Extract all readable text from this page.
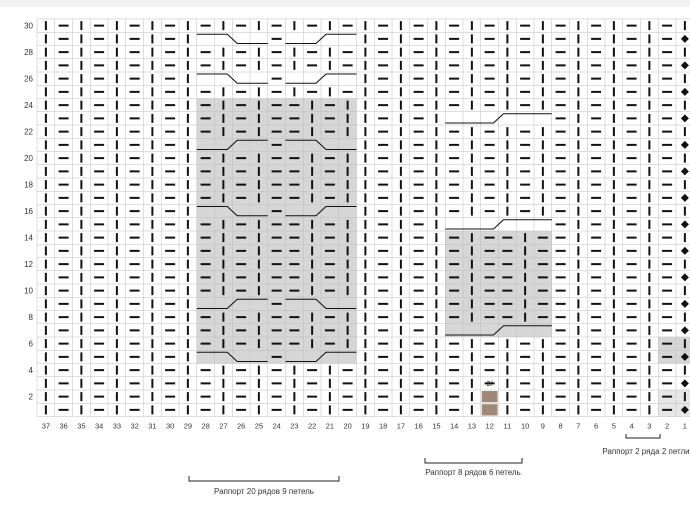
2/
2
4
6
8
10
12
14
16
18
20
22
24
26
28
30
37 36 35 34 33 32 31 30 29 28 27 26 25 24 23 22 21 20 19 18 17 16 15 14 13 12 11 10 9 8 7 6 5 4 3 2 1
Раппорт 20 рядов 9 петель
Раппорт 8 рядов 6 петель
Раппорт 2 ряда 2 петли
